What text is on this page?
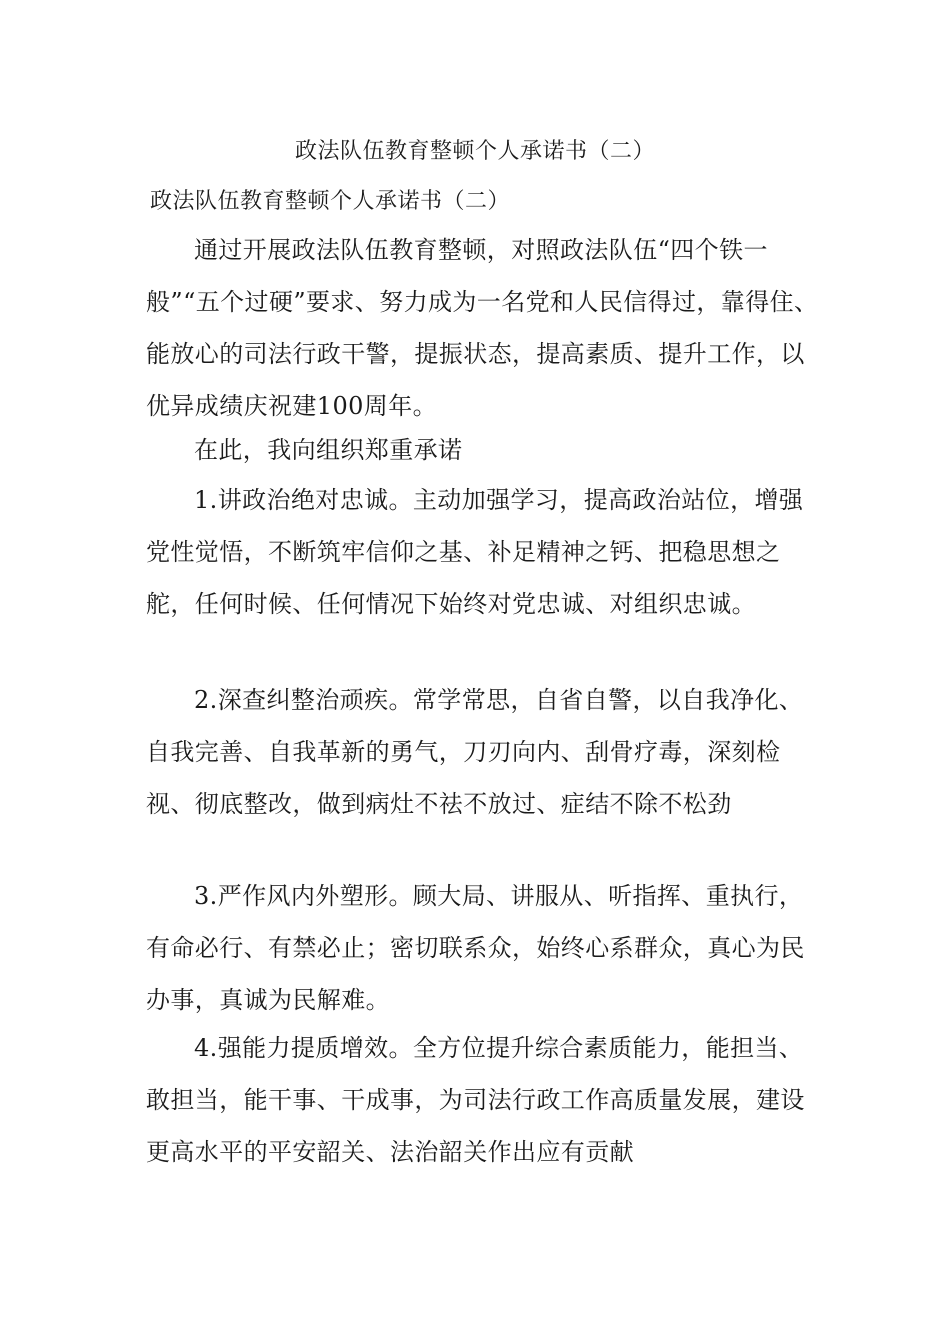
政法队伍教育整顿个人承诺书（二）
政法队伍教育整顿个人承诺书（二）

通过开展政法队伍教育整顿，对照政法队伍“四个铁一般”“五个过硬”要求、努力成为一名党和人民信得过，靠得住、能放心的司法行政干警，提振状态，提高素质、提升工作，以优异成绩庆祝建100周年。

在此，我向组织郑重承诺

1.讲政治绝对忠诚。主动加强学习，提高政治站位，增强党性觉悟，不断筑牢信仰之基、补足精神之钙、把稳思想之舵，任何时候、任何情况下始终对党忠诚、对组织忠诚。

2.深查纠整治顽疾。常学常思，自省自警，以自我净化、自我完善、自我革新的勇气，刀刃向内、刮骨疗毒，深刻检视、彻底整改，做到病灶不祛不放过、症结不除不松劲

3.严作风内外塑形。顾大局、讲服从、听指挥、重执行，有命必行、有禁必止；密切联系众，始终心系群众，真心为民办事，真诚为民解难。

4.强能力提质增效。全方位提升综合素质能力，能担当、敢担当，能干事、干成事，为司法行政工作高质量发展，建设更高水平的平安韶关、法治韶关作出应有贡献
